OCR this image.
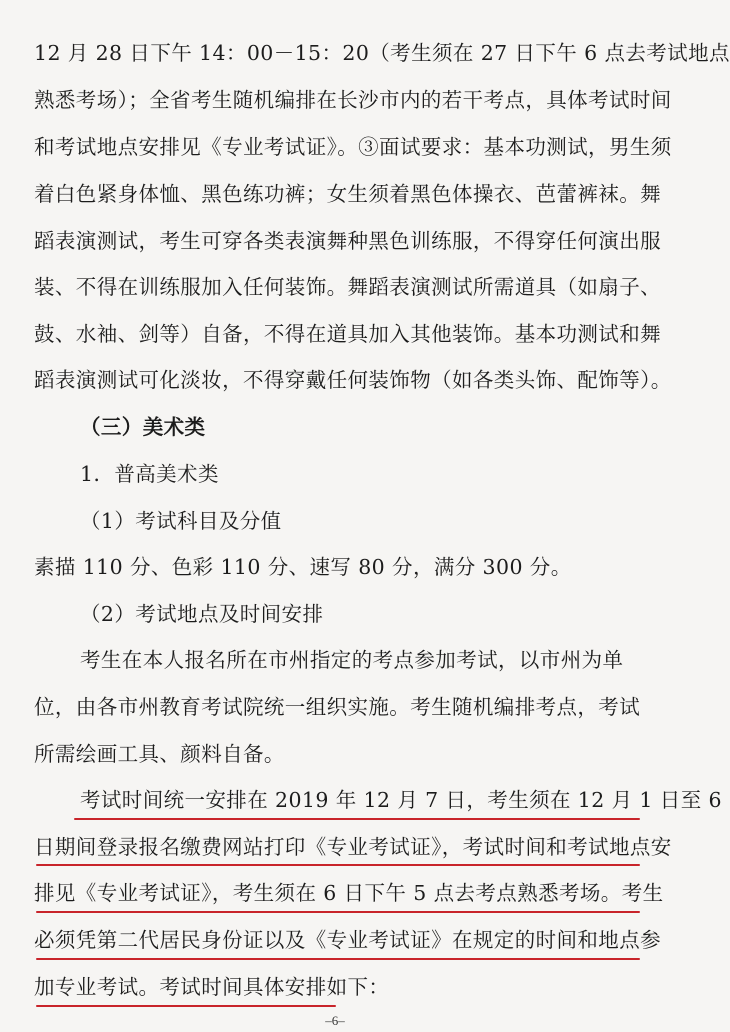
12 月 28 日下午 14：00－15：20（考生须在 27 日下午 6 点去考试地点
熟悉考场）；全省考生随机编排在长沙市内的若干考点，具体考试时间
和考试地点安排见《专业考试证》。③面试要求：基本功测试，男生须
着白色紧身体恤、黑色练功裤；女生须着黑色体操衣、芭蕾裤袜。舞
蹈表演测试，考生可穿各类表演舞种黑色训练服，不得穿任何演出服
装、不得在训练服加入任何装饰。舞蹈表演测试所需道具（如扇子、
鼓、水袖、剑等）自备，不得在道具加入其他装饰。基本功测试和舞
蹈表演测试可化淡妆，不得穿戴任何装饰物（如各类头饰、配饰等）。
（三）美术类
1．普高美术类
（1）考试科目及分值
素描 110 分、色彩 110 分、速写 80 分，满分 300 分。
（2）考试地点及时间安排
考生在本人报名所在市州指定的考点参加考试，以市州为单
位，由各市州教育考试院统一组织实施。考生随机编排考点，考试
所需绘画工具、颜料自备。
考试时间统一安排在 2019 年 12 月 7 日，考生须在 12 月 1 日至 6
日期间登录报名缴费网站打印《专业考试证》，考试时间和考试地点安
排见《专业考试证》，考生须在 6 日下午 5 点去考点熟悉考场。考生
必须凭第二代居民身份证以及《专业考试证》在规定的时间和地点参
加专业考试。考试时间具体安排如下：
–6–
